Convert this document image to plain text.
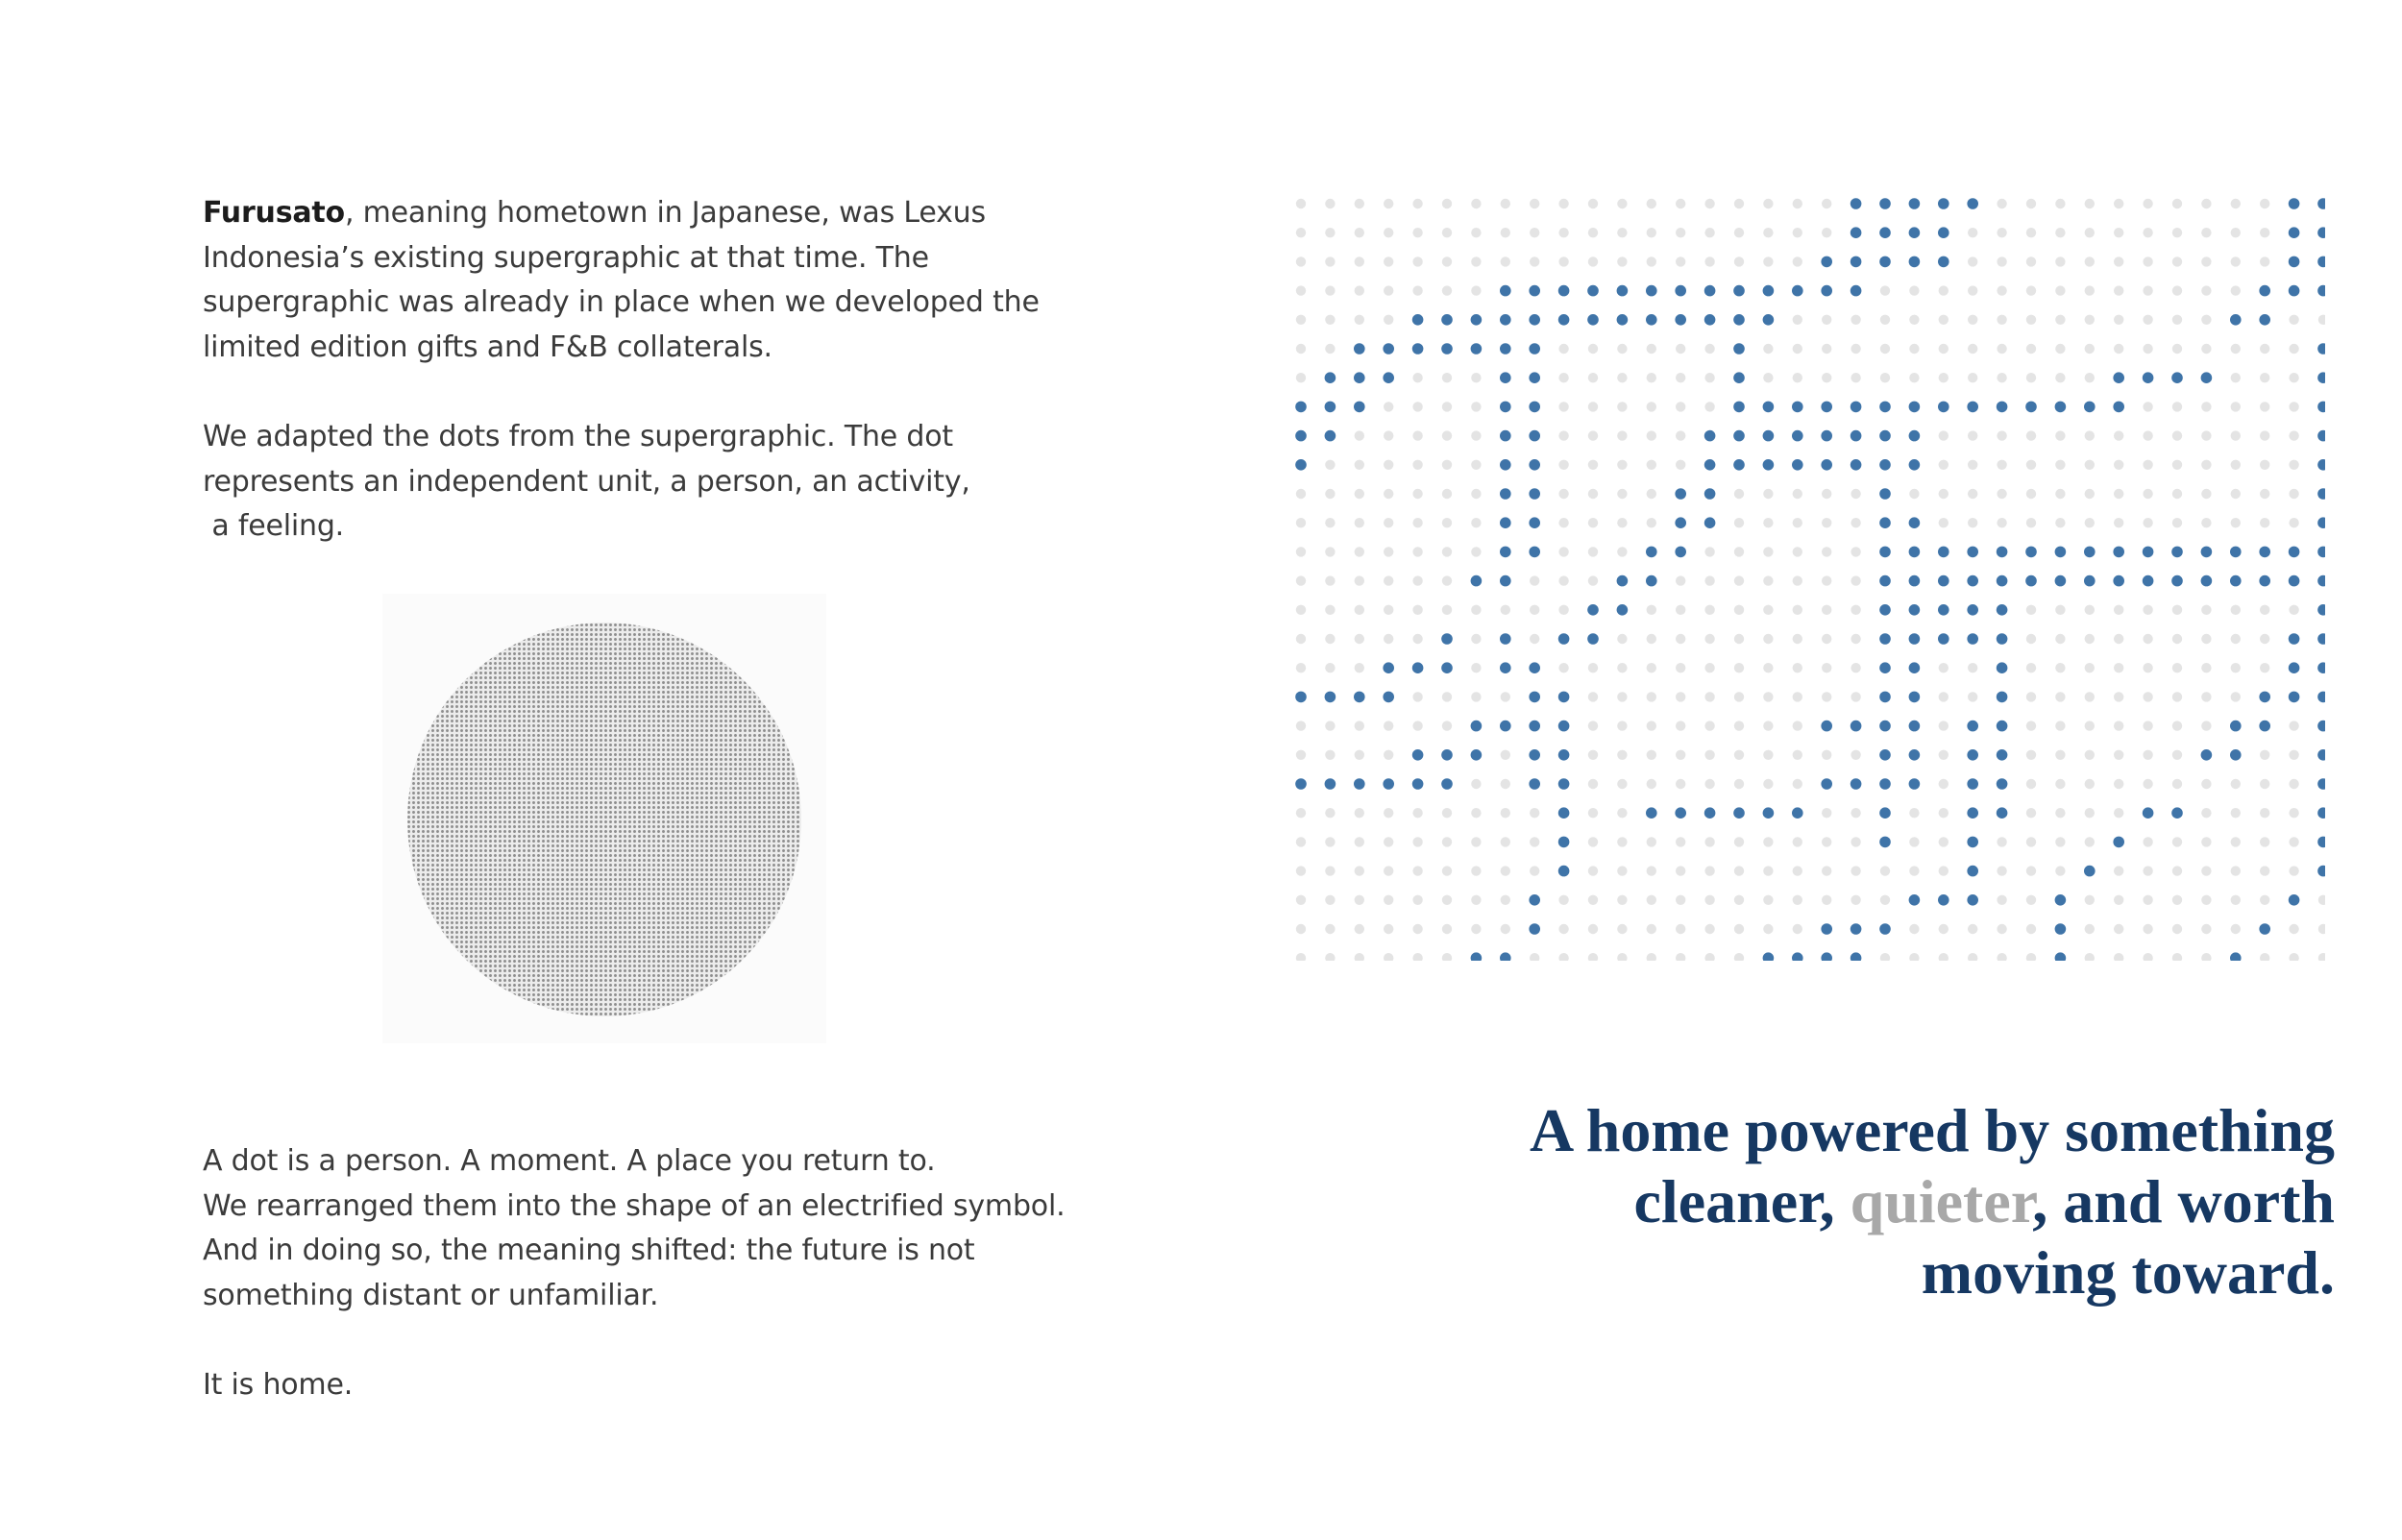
Furusato, meaning hometown in Japanese, was Lexus
Indonesia’s existing supergraphic at that time. The
supergraphic was already in place when we developed the
limited edition gifts and F&B collaterals.

We adapted the dots from the supergraphic. The dot
represents an independent unit, a person, an activity,
a feeling.

A dot is a person. A moment. A place you return to.
We rearranged them into the shape of an electrified symbol.
And in doing so, the meaning shifted: the future is not
something distant or unfamiliar.

It is home.

A home powered by something
cleaner, quieter, and worth
moving toward.
